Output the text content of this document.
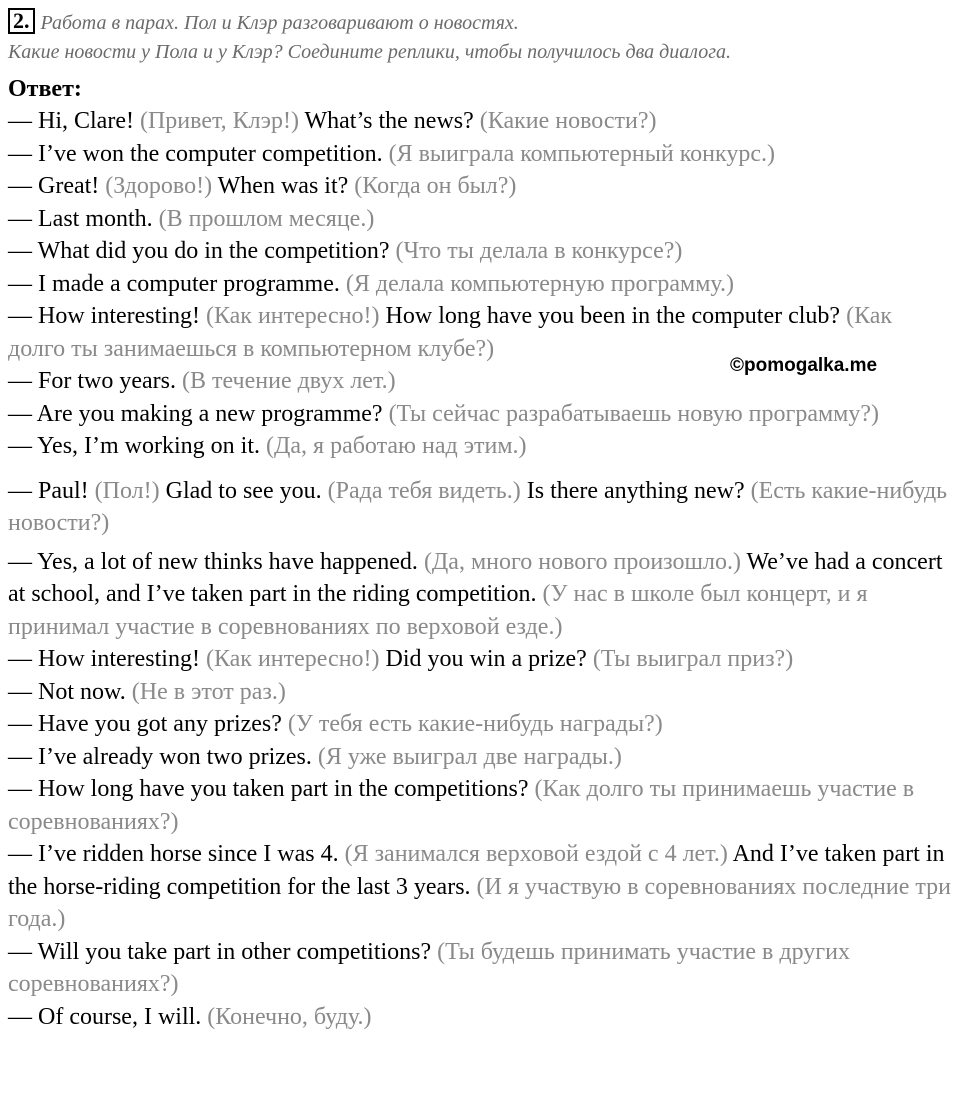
2. Работа в парах. Пол и Клэр разговаривают о новостях.
Какие новости у Пола и у Клэр? Соедините реплики, чтобы получилось два диалога.
Ответ:
— Hi, Clare! (Привет, Клэр!) What’s the news? (Какие новости?)
— I’ve won the computer competition. (Я выиграла компьютерный конкурс.)
— Great! (Здорово!) When was it? (Когда он был?)
— Last month. (В прошлом месяце.)
— What did you do in the competition? (Что ты делала в конкурсе?)
— I made a computer programme. (Я делала компьютерную программу.)
— How interesting! (Как интересно!) How long have you been in the computer club? (Как долго ты занимаешься в компьютерном клубе?)
— For two years. (В течение двух лет.)
— Are you making a new programme? (Ты сейчас разрабатываешь новую программу?)
— Yes, I’m working on it. (Да, я работаю над этим.)
— Paul! (Пол!) Glad to see you. (Рада тебя видеть.) Is there anything new? (Есть какие-нибудь новости?)
— Yes, a lot of new thinks have happened. (Да, много нового произошло.) We’ve had a concert at school, and I’ve taken part in the riding competition. (У нас в школе был концерт, и я принимал участие в соревнованиях по верховой езде.)
— How interesting! (Как интересно!) Did you win a prize? (Ты выиграл приз?)
— Not now. (Не в этот раз.)
— Have you got any prizes? (У тебя есть какие-нибудь награды?)
— I’ve already won two prizes. (Я уже выиграл две награды.)
— How long have you taken part in the competitions? (Как долго ты принимаешь участие в соревнованиях?)
— I’ve ridden horse since I was 4. (Я занимался верховой ездой с 4 лет.) And I’ve taken part in the horse-riding competition for the last 3 years. (И я участвую в соревнованиях последние три года.)
— Will you take part in other competitions? (Ты будешь принимать участие в других соревнованиях?)
— Of course, I will. (Конечно, буду.)
©pomogalka.me
